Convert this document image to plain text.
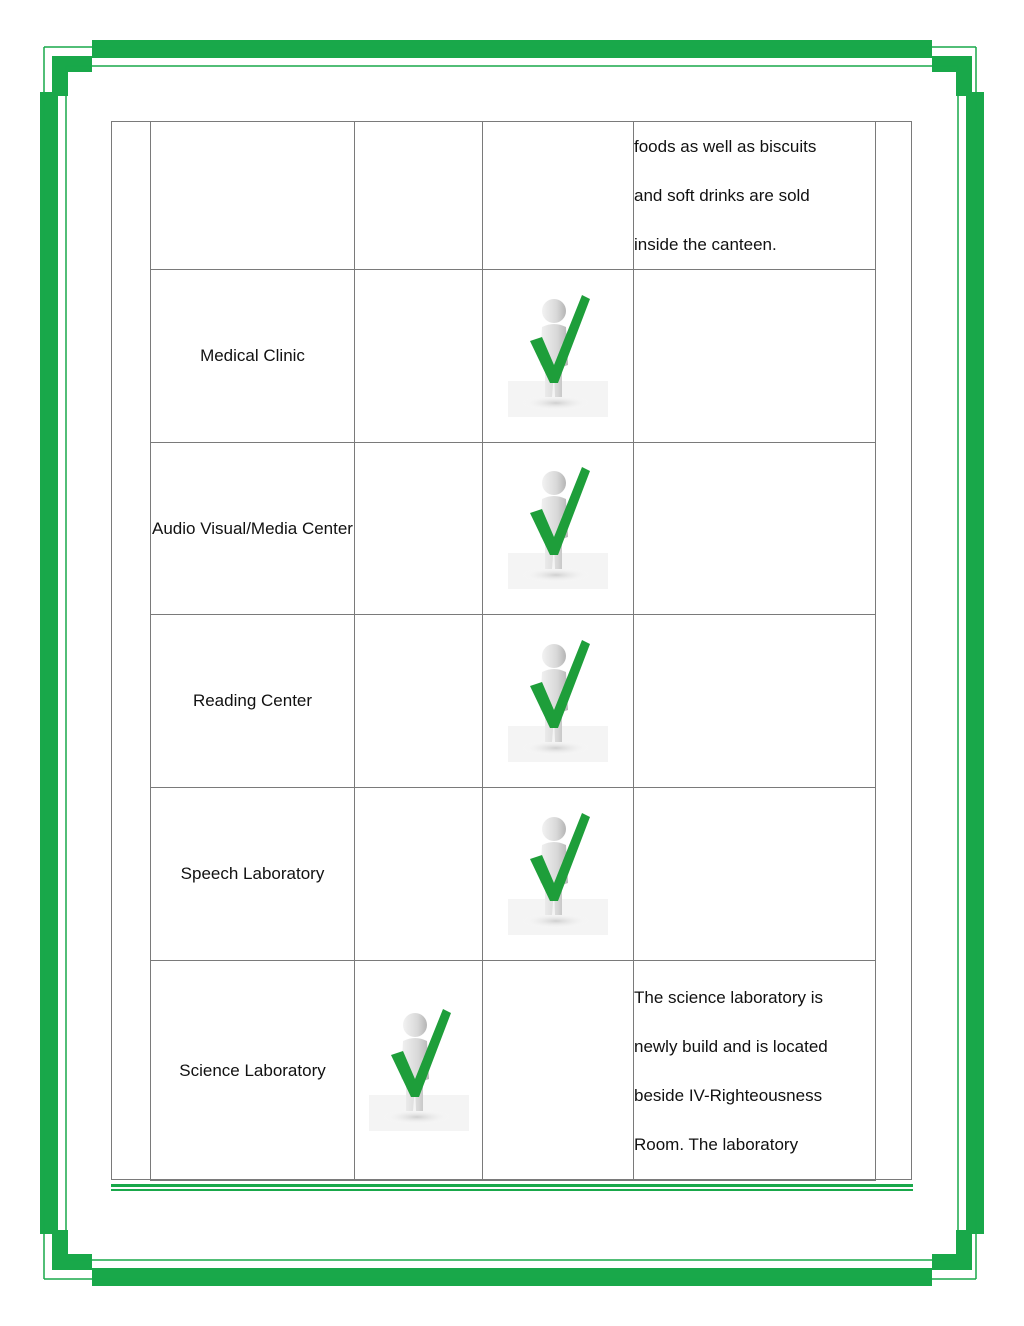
			foods as well as biscuits
and soft drinks are sold
inside the canteen.

Medical Clinic			
Audio Visual/Media Center			
Reading Center			
Speech Laboratory			
Science Laboratory			The science laboratory is
newly build and is located
beside IV-Righteousness
Room. The laboratory
